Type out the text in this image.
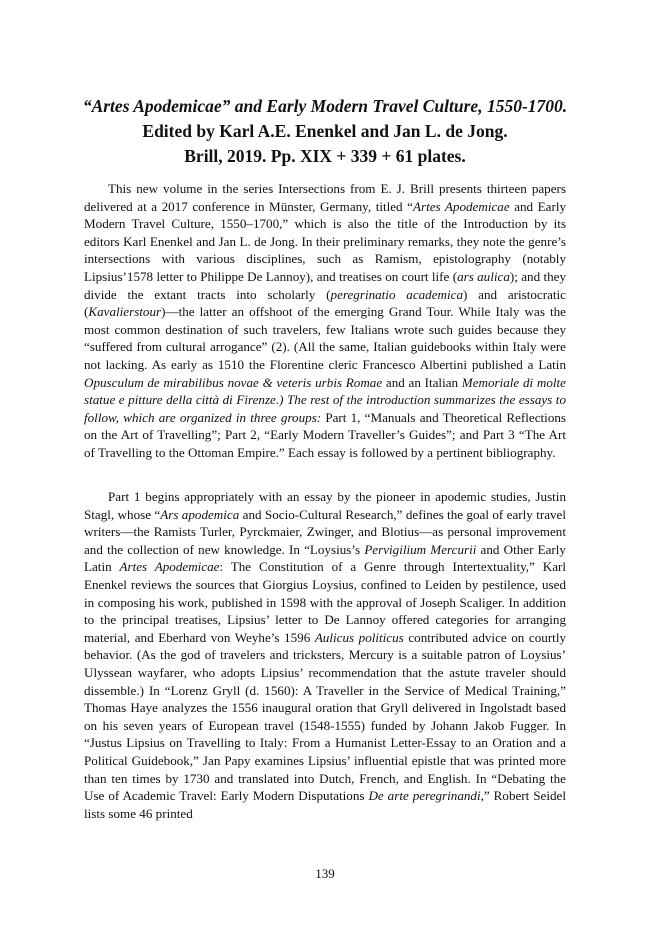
“Artes Apodemicae” and Early Modern Travel Culture, 1550-1700. Edited by Karl A.E. Enenkel and Jan L. de Jong.
Brill, 2019. Pp. XIX + 339 + 61 plates.

This new volume in the series Intersections from E. J. Brill presents thirteen papers delivered at a 2017 conference in Münster, Germany, titled “Artes Apodemicae and Early Modern Travel Culture, 1550–1700,” which is also the title of the Introduction by its editors Karl Enenkel and Jan L. de Jong. In their preliminary remarks, they note the genre’s intersections with various disciplines, such as Ramism, epistolography (notably Lipsius’1578 letter to Philippe De Lannoy), and treatises on court life (ars aulica); and they divide the extant tracts into scholarly (peregrinatio academica) and aristocratic (Kavalierstour)—the latter an offshoot of the emerging Grand Tour. While Italy was the most common destination of such travelers, few Italians wrote such guides because they “suffered from cultural arrogance” (2). (All the same, Italian guidebooks within Italy were not lacking. As early as 1510 the Florentine cleric Francesco Albertini published a Latin Opusculum de mirabilibus novae & veteris urbis Romae and an Italian Memoriale di molte statue e pitture della città di Firenze.) The rest of the introduction summarizes the essays to follow, which are organized in three groups: Part 1, “Manuals and Theoretical Reflections on the Art of Travelling”; Part 2, “Early Modern Traveller’s Guides”; and Part 3 “The Art of Travelling to the Ottoman Empire.” Each essay is followed by a pertinent bibliography.

Part 1 begins appropriately with an essay by the pioneer in apodemic studies, Justin Stagl, whose “Ars apodemica and Socio-Cultural Research,” defines the goal of early travel writers—the Ramists Turler, Pyrckmaier, Zwinger, and Blotius—as personal improvement and the collection of new knowledge. In “Loysius’s Pervigilium Mercurii and Other Early Latin Artes Apodemicae: The Constitution of a Genre through Intertextuality,” Karl Enenkel reviews the sources that Giorgius Loysius, confined to Leiden by pestilence, used in composing his work, published in 1598 with the approval of Joseph Scaliger. In addition to the principal treatises, Lipsius’ letter to De Lannoy offered categories for arranging material, and Eberhard von Weyhe’s 1596 Aulicus politicus contributed advice on courtly behavior. (As the god of travelers and tricksters, Mercury is a suitable patron of Loysius’ Ulyssean wayfarer, who adopts Lipsius’ recommendation that the astute traveler should dissemble.) In “Lorenz Gryll (d. 1560): A Traveller in the Service of Medical Training,” Thomas Haye analyzes the 1556 inaugural oration that Gryll delivered in Ingolstadt based on his seven years of European travel (1548-1555) funded by Johann Jakob Fugger. In “Justus Lipsius on Travelling to Italy: From a Humanist Letter-Essay to an Oration and a Political Guidebook,” Jan Papy examines Lipsius’ influential epistle that was printed more than ten times by 1730 and translated into Dutch, French, and English. In “Debating the Use of Academic Travel: Early Modern Disputations De arte peregrinandi,” Robert Seidel lists some 46 printed

139
